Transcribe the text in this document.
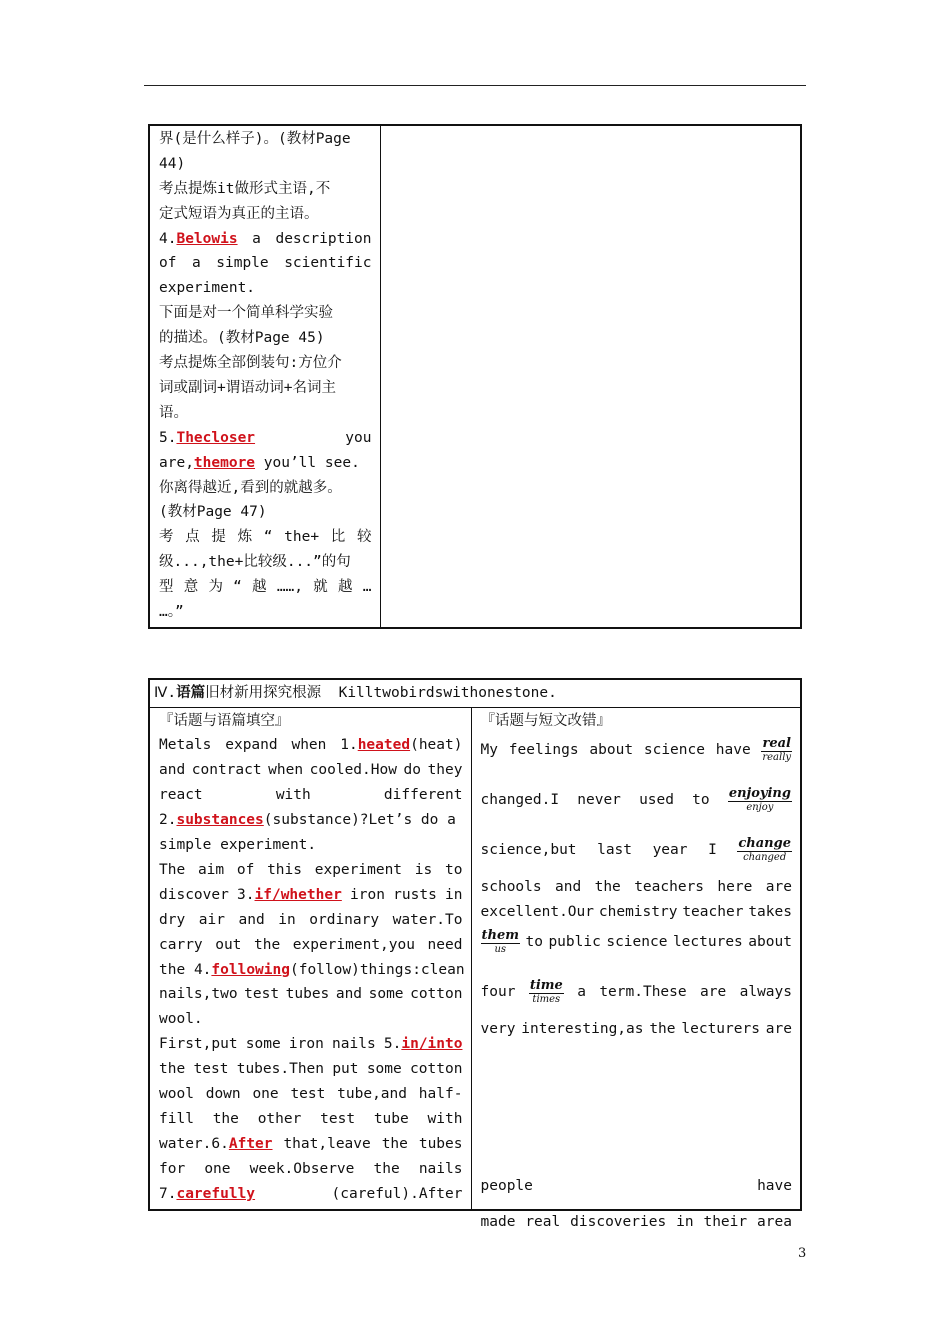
界(是什么样子)。(教材Page
44)
考点提炼it做形式主语,不
定式短语为真正的主语。
4.Belowis a description
of a simple scientific
experiment.
下面是对一个简单科学实验
的描述。(教材Page 45)
考点提炼全部倒装句:方位介
词或副词+谓语动词+名词主
语。
5.Thecloser	you
are,themore you’ll see.
你离得越近,看到的就越多。
(教材Page 47)
考 点 提 炼 “ the+ 比 较
级...,the+比较级...”的句
型 意 为 “ 越 ……, 就 越 …
…。”

Ⅳ.语篇旧材新用探究根源 Killtwobirdswithonestone.

『话题与语篇填空』
Metals expand when 1.heated(heat)
and contract when cooled.How do they
react	with	different
2.substances(substance)?Let’s do a
simple experiment.
The aim of this experiment is to
discover 3.if/whether iron rusts in
dry air and in ordinary water.To
carry out the experiment,you need
the 4.following (follow)things:clean
nails,two test tubes and some cotton
wool.
First,put some iron nails 5.in/into
the test tubes.Then put some cotton
wool down one test tube,and half-
fill the other test tube with
water.6.After that,leave the tubes
for one week.Observe the nails
7.carefully	(careful).After

『话题与短文改错』
My feelings about science have real
really
changed.I never used to enjoying
enjoy
science,but last year I change
changed
schools and the teachers here are
excellent.Our chemistry teacher takes
them
us to public science lectures about
four time
times a term.These are always
very interesting,as the lecturers are
people	have
made real discoveries in their area
3
